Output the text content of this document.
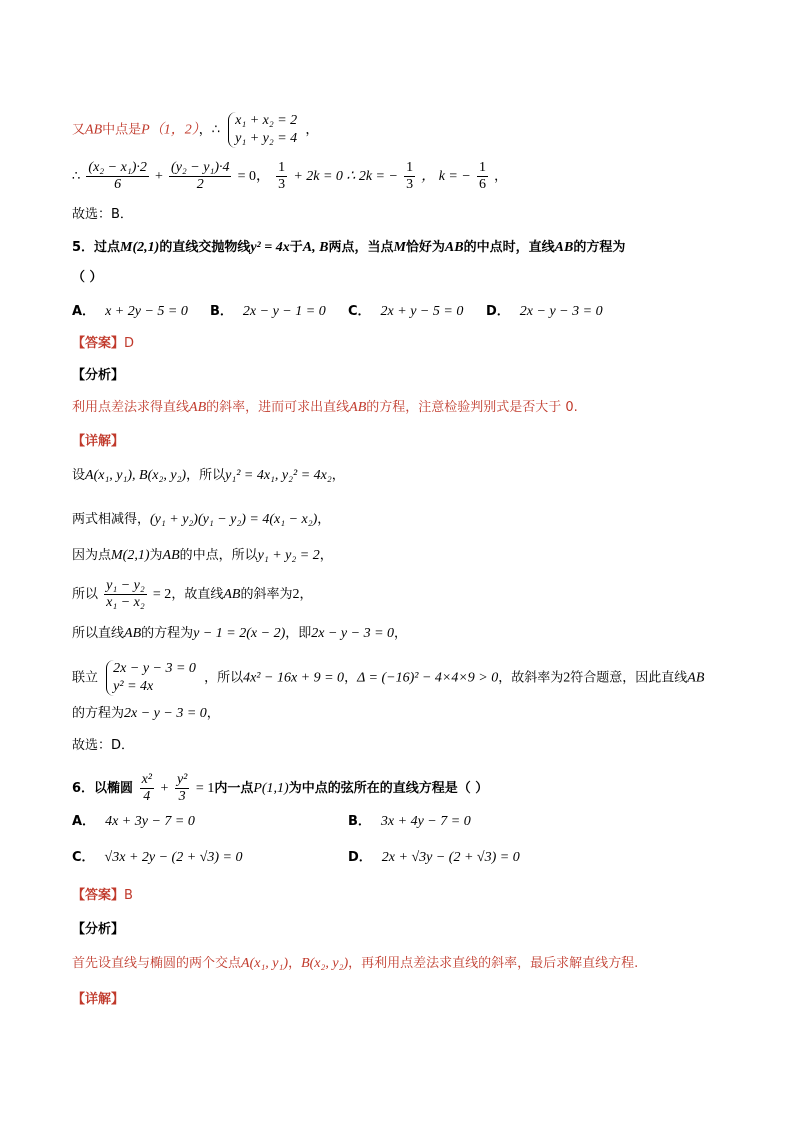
又AB中点是P（1，2），∴
x₁ + x₂ = 2
y₁ + y₂ = 4
，
∴ $\frac{\text{(x₂ − x₁)·2}}{6} + \frac{\text{(y₂ − y₁)·4}}{2} = 0$， $\frac{1}{3} + 2k = 0$ ∴ 2k = − $\frac{1}{3}$ ， k = − $\frac{1}{6}$ ，
故选：B．
5．过点M(2,1)的直线交抛物线y² = 4x于A, B两点，当点M恰好为AB的中点时，直线AB的方程为
（ ）
A． x + 2y − 5 = 0 B． 2x − y − 1 = 0 C． 2x + y − 5 = 0 D． 2x − y − 3 = 0
【答案】D
【分析】
利用点差法求得直线AB的斜率，进而可求出直线AB的方程，注意检验判别式是否大于 0.
【详解】
设A(x₁, y₁), B(x₂, y₂)，所以y₁² = 4x₁, y₂² = 4x₂，
两式相减得，(y₁ + y₂)(y₁ − y₂) = 4(x₁ − x₂)，
因为点M(2,1)为AB的中点，所以y₁ + y₂ = 2，
所以 $\frac{\text{y₁ − y₂}}{\text{x₁ − x₂}} = 2$，故直线AB的斜率为2，
所以直线AB的方程为y − 1 = 2(x − 2)，即2x − y − 3 = 0，
联立
2x − y − 3 = 0
y² = 4x
，所以4x² − 16x + 9 = 0，Δ = (−16)² − 4×4×9 > 0，故斜率为2符合题意，因此直线AB
的方程为2x − y − 3 = 0，
故选：D．
6．以椭圆 $\frac{\text{x²}}{4} + \frac{\text{y²}}{3} = 1$内一点P(1,1)为中点的弦所在的直线方程是（ ）
A． 4x + 3y − 7 = 0	B． 3x + 4y − 7 = 0
C． √3x + 2y − (2 + √3) = 0	D． 2x + √3y − (2 + √3) = 0
【答案】B
【分析】
首先设直线与椭圆的两个交点A(x₁, y₁)，B(x₂, y₂)，再利用点差法求直线的斜率，最后求解直线方程.
【详解】
